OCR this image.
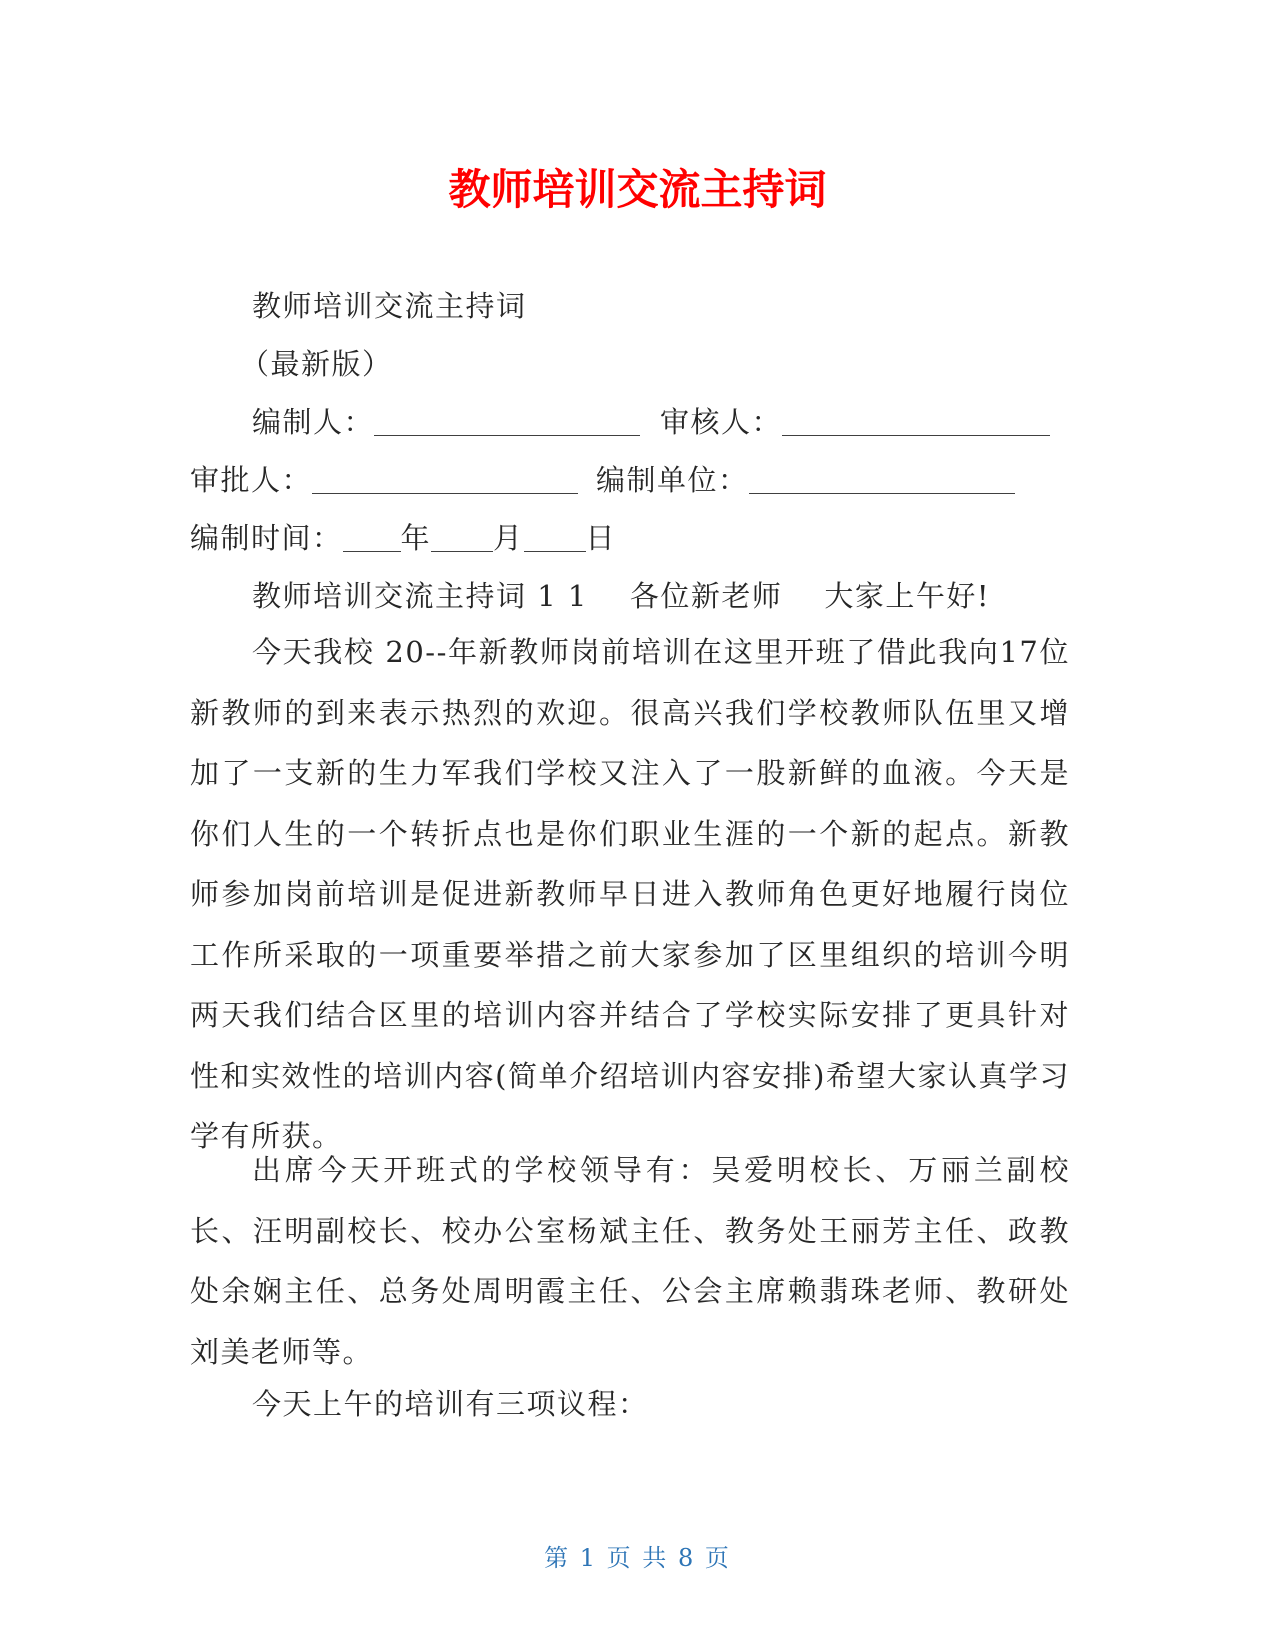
教师培训交流主持词
教师培训交流主持词
（最新版）
编制人：	审核人：
审批人：	编制单位：
编制时间： 年 月 日
教师培训交流主持词 1 1 各位新老师 大家上午好!

今天我校 20--年新教师岗前培训在这里开班了借此我向17位新教师的到来表示热烈的欢迎。很高兴我们学校教师队伍里又增加了一支新的生力军我们学校又注入了一股新鲜的血液。今天是你们人生的一个转折点也是你们职业生涯的一个新的起点。新教师参加岗前培训是促进新教师早日进入教师角色更好地履行岗位工作所采取的一项重要举措之前大家参加了区里组织的培训今明两天我们结合区里的培训内容并结合了学校实际安排了更具针对性和实效性的培训内容(简单介绍培训内容安排)希望大家认真学习学有所获。

出席今天开班式的学校领导有：吴爱明校长、万丽兰副校长、汪明副校长、校办公室杨斌主任、教务处王丽芳主任、政教处余娴主任、总务处周明霞主任、公会主席赖翡珠老师、教研处刘美老师等。

今天上午的培训有三项议程：

第 1 页 共 8 页
